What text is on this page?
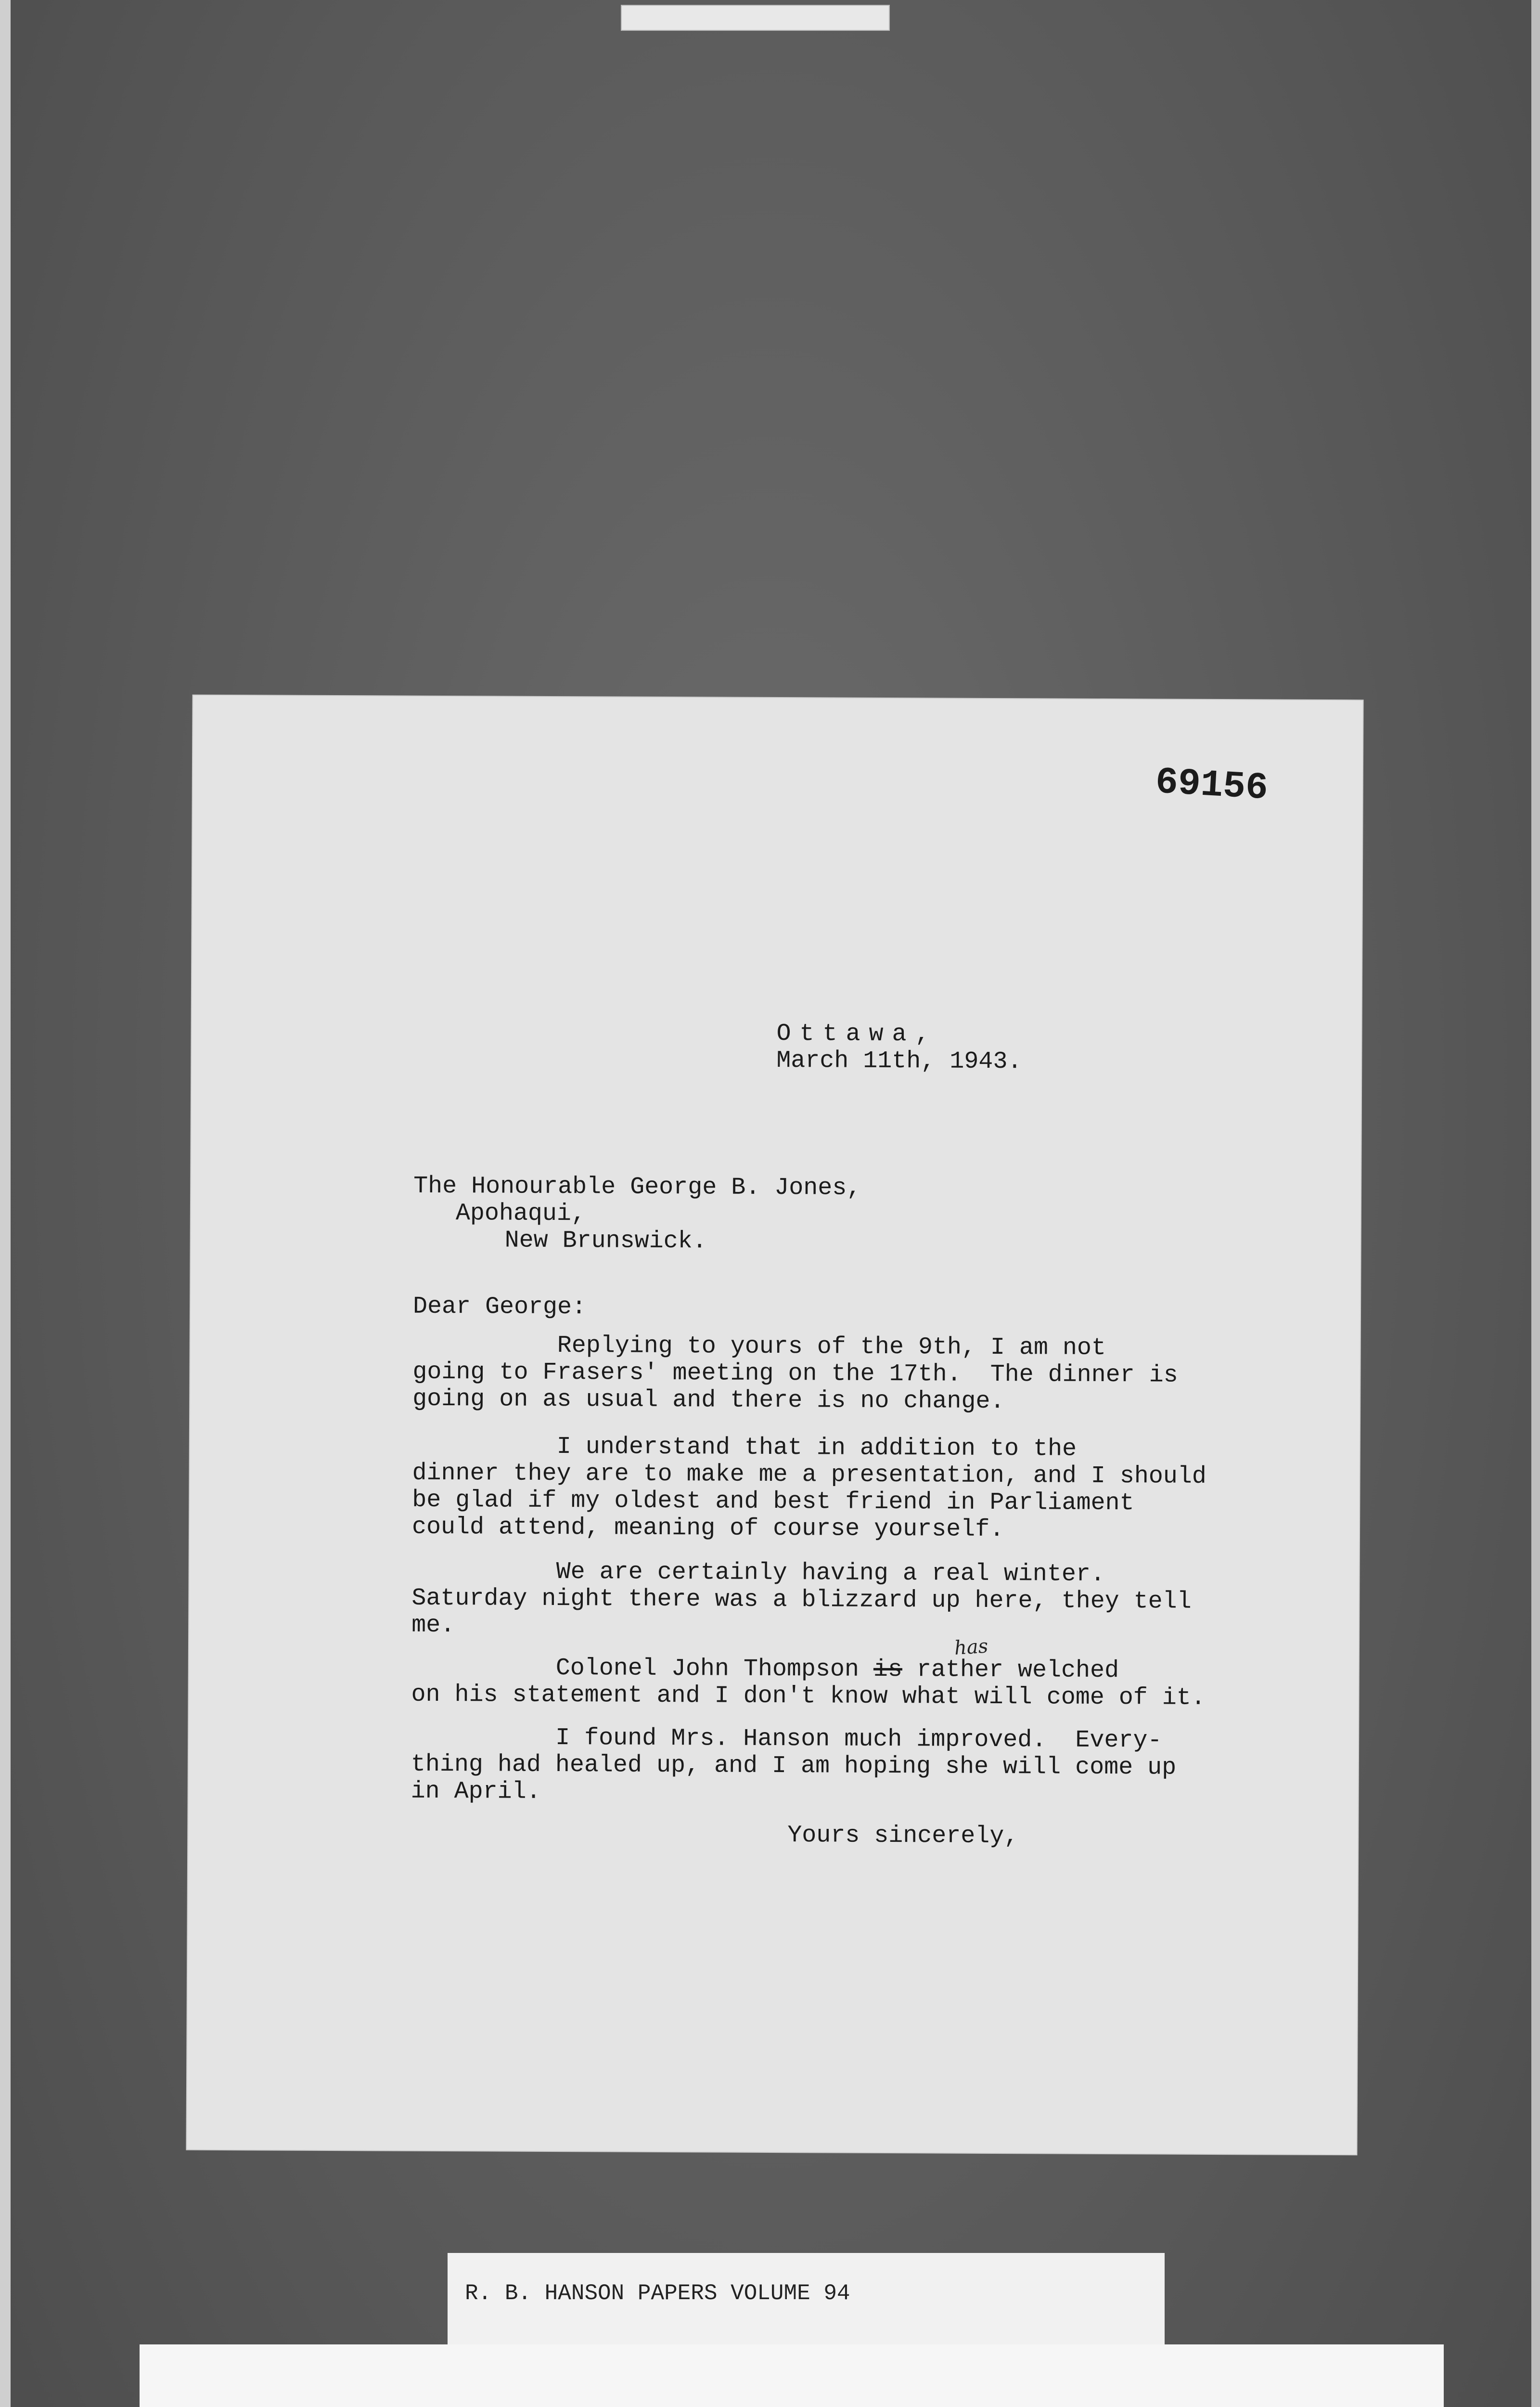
69156
Ottawa,
March 11th, 1943.
The Honourable George B. Jones,
Apohaqui,
New Brunswick.
Dear George:
Replying to yours of the 9th, I am not
going to Frasers' meeting on the 17th.  The dinner is
going on as usual and there is no change.
I understand that in addition to the
dinner they are to make me a presentation, and I should
be glad if my oldest and best friend in Parliament
could attend, meaning of course yourself.
We are certainly having a real winter.
Saturday night there was a blizzard up here, they tell
me.
Colonel John Thompson is rather welched
on his statement and I don't know what will come of it.
has
I found Mrs. Hanson much improved.  Every-
thing had healed up, and I am hoping she will come up
in April.
Yours sincerely,
R. B. HANSON PAPERS VOLUME 94
